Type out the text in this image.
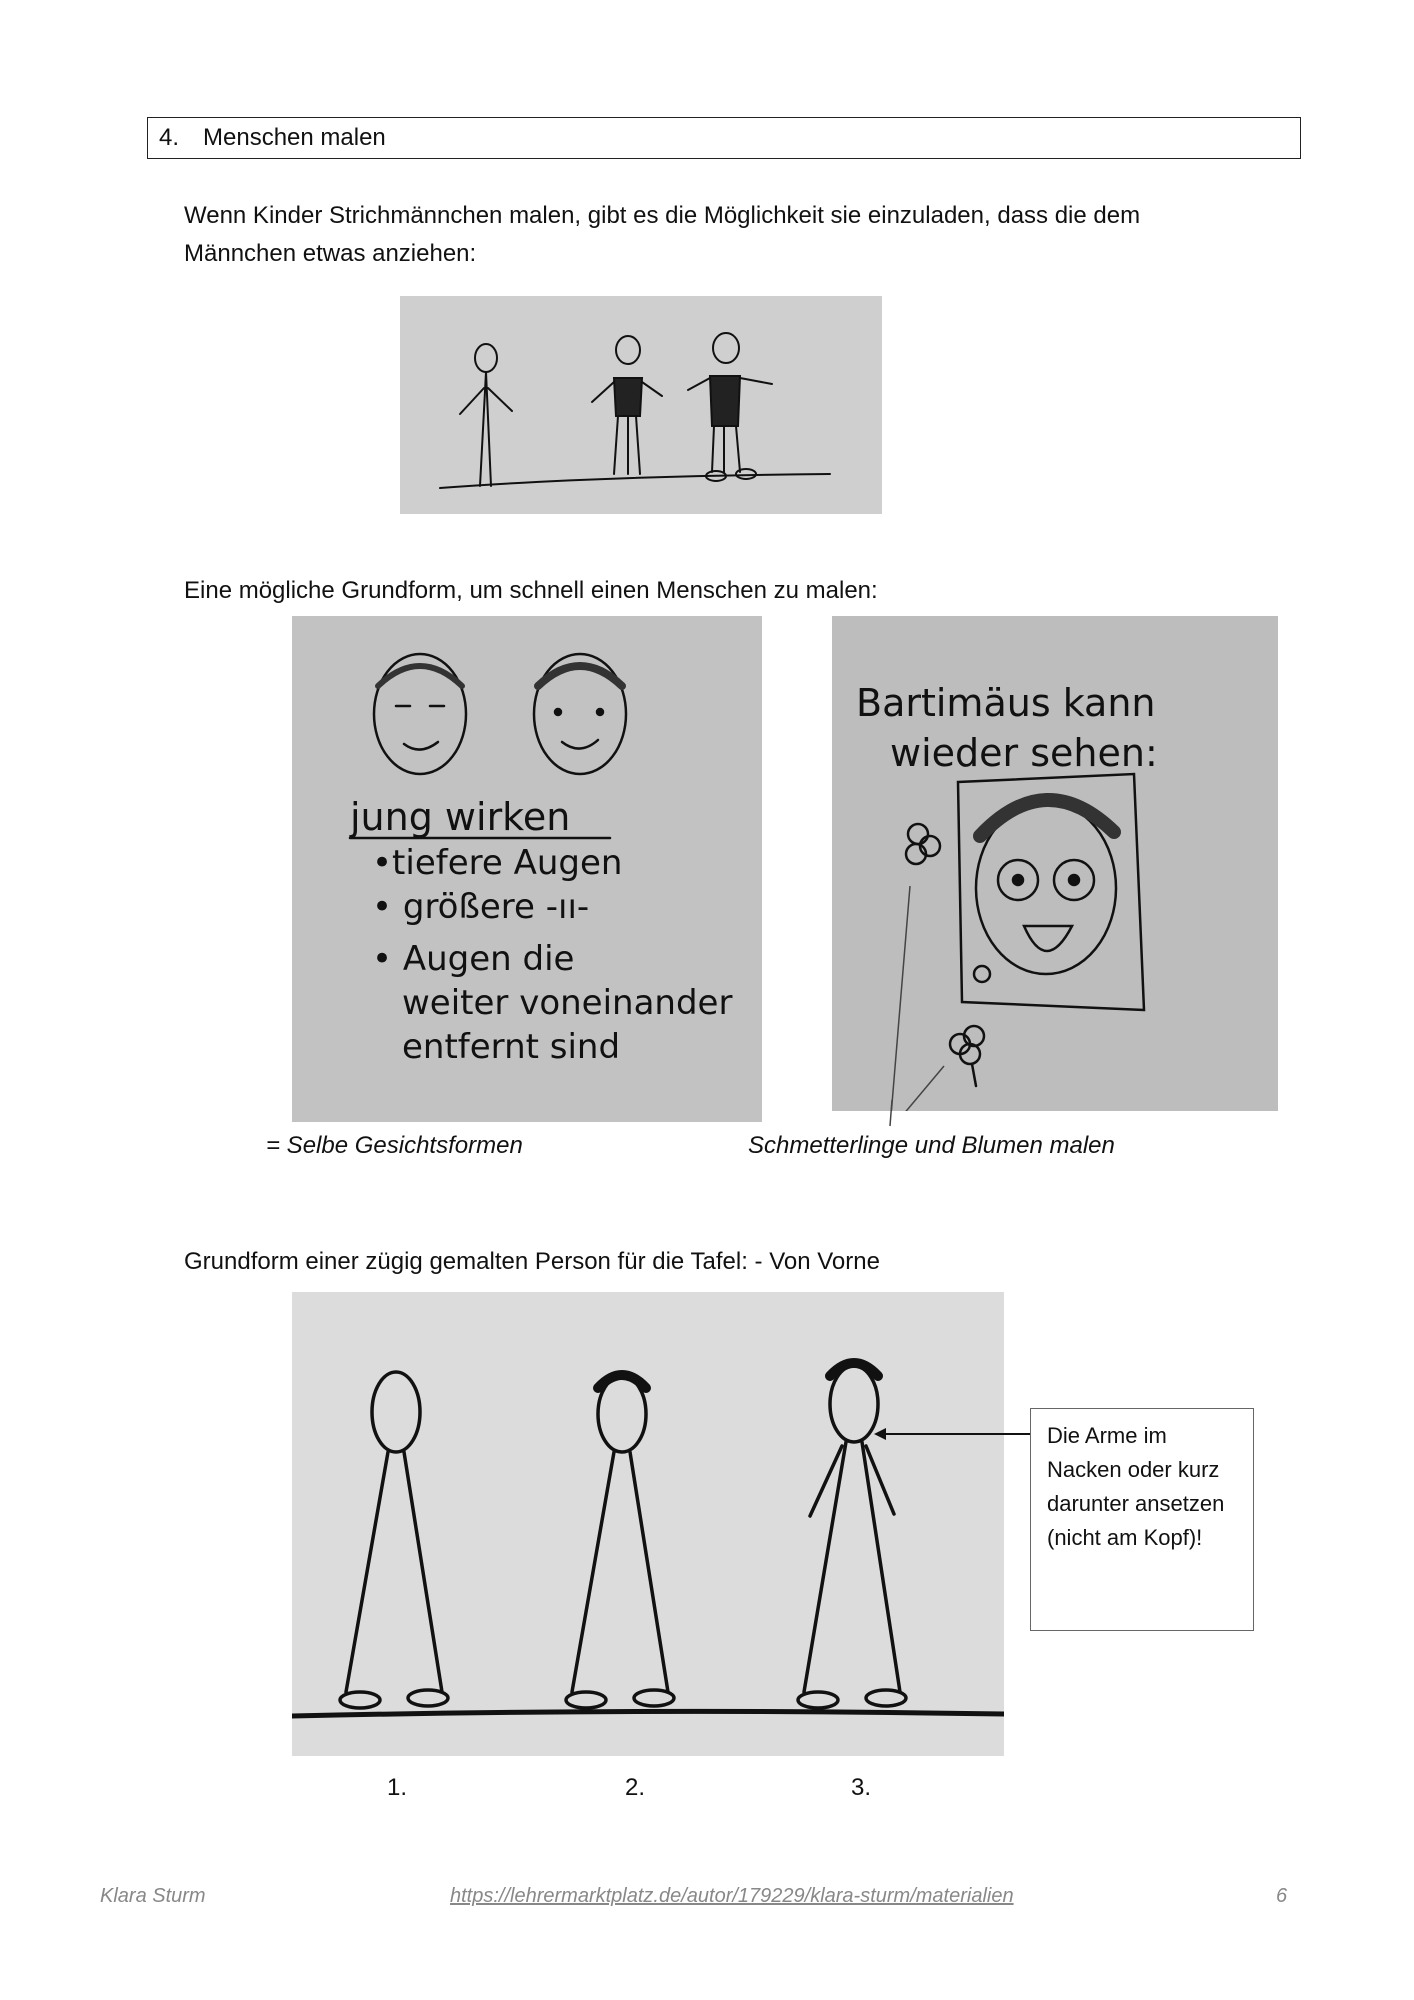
4. Menschen malen
Wenn Kinder Strichmännchen malen, gibt es die Möglichkeit sie einzuladen, dass die dem Männchen etwas anziehen:
Eine mögliche Grundform, um schnell einen Menschen zu malen:
jung wirken
•tiefere Augen
• größere -ıı-
• Augen die
weiter voneinander
entfernt sind
Bartimäus kann
wieder sehen:
= Selbe Gesichtsformen	Schmetterlinge und Blumen malen
Grundform einer zügig gemalten Person für die Tafel: - Von Vorne
Die Arme im Nacken oder kurz darunter ansetzen (nicht am Kopf)!
1.	2.	3.
Klara Sturm	https://lehrermarktplatz.de/autor/179229/klara-sturm/materialien	6
